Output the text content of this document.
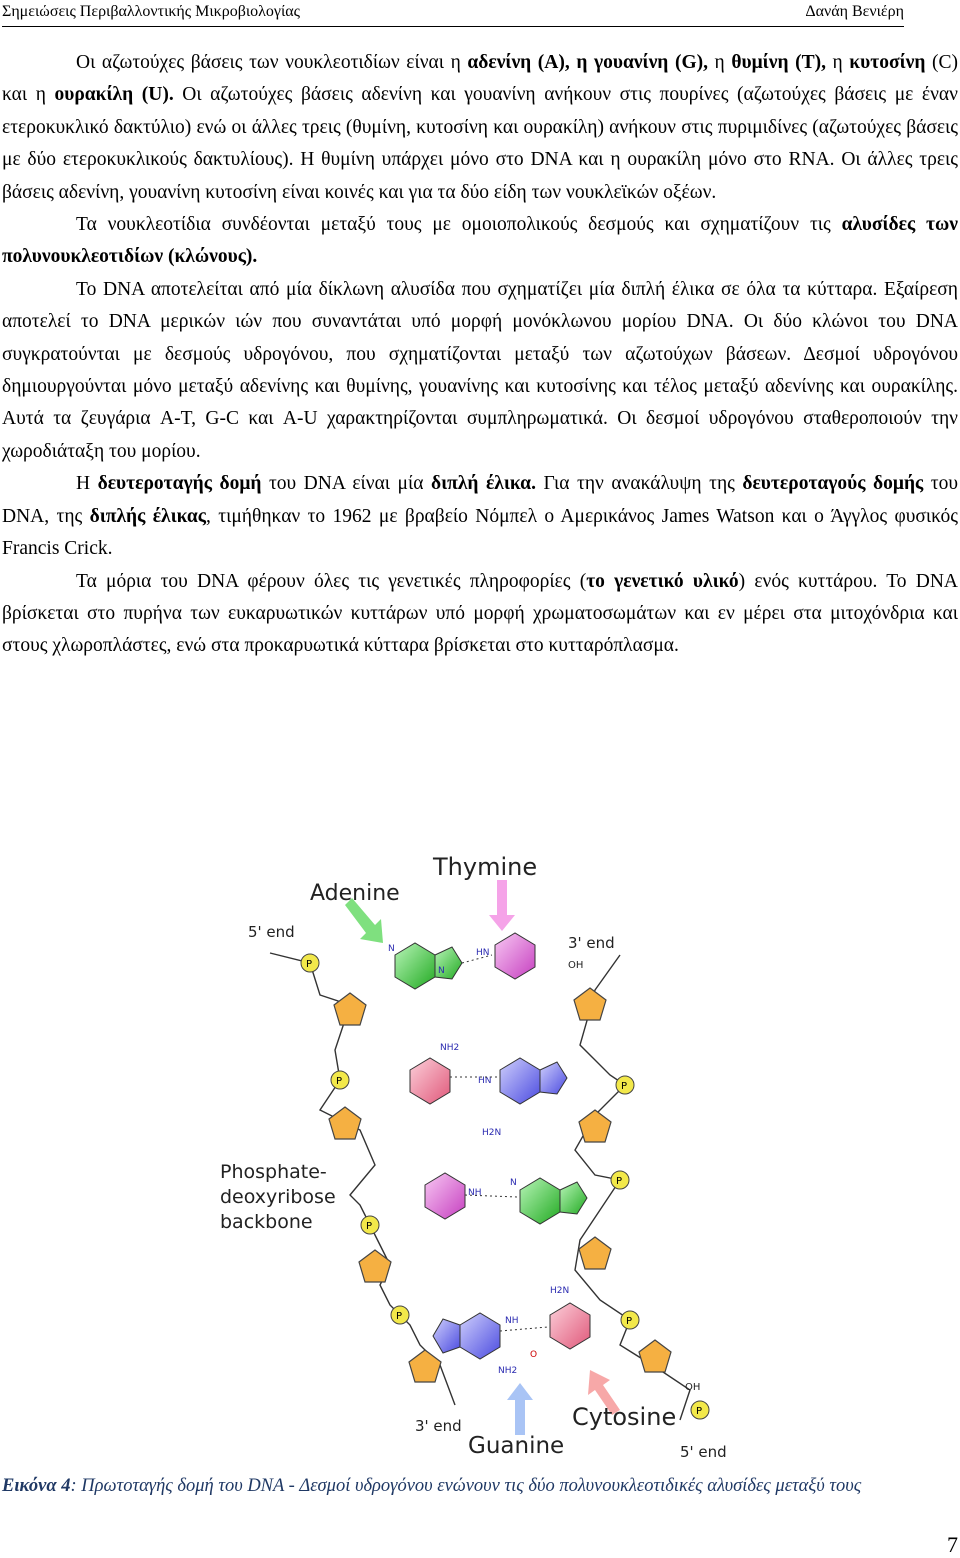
Σημειώσεις Περιβαλλοντικής Μικροβιολογίας	Δανάη Βενιέρη

Οι αζωτούχες βάσεις των νουκλεοτιδίων είναι η αδενίνη (A), η γουανίνη (G), η θυμίνη (T), η κυτοσίνη (C) και η ουρακίλη (U). Οι αζωτούχες βάσεις αδενίνη και γουανίνη ανήκουν στις πουρίνες (αζωτούχες βάσεις με έναν ετεροκυκλικό δακτύλιο) ενώ οι άλλες τρεις (θυμίνη, κυτοσίνη και ουρακίλη) ανήκουν στις πυριμιδίνες (αζωτούχες βάσεις με δύο ετεροκυκλικούς δακτυλίους). Η θυμίνη υπάρχει μόνο στο DNA και η ουρακίλη μόνο στο RNA. Οι άλλες τρεις βάσεις αδενίνη, γουανίνη κυτοσίνη είναι κοινές και για τα δύο είδη των νουκλεϊκών οξέων.

Τα νουκλεοτίδια συνδέονται μεταξύ τους με ομοιοπολικούς δεσμούς και σχηματίζουν τις αλυσίδες των πολυνουκλεοτιδίων (κλώνους).

Το DNA αποτελείται από μία δίκλωνη αλυσίδα που σχηματίζει μία διπλή έλικα σε όλα τα κύτταρα. Εξαίρεση αποτελεί το DNA μερικών ιών που συναντάται υπό μορφή μονόκλωνου μορίου DNA. Οι δύο κλώνοι του DNA συγκρατούνται με δεσμούς υδρογόνου, που σχηματίζονται μεταξύ των αζωτούχων βάσεων. Δεσμοί υδρογόνου δημιουργούνται μόνο μεταξύ αδενίνης και θυμίνης, γουανίνης και κυτοσίνης και τέλος μεταξύ αδενίνης και ουρακίλης. Αυτά τα ζευγάρια A-T, G-C και A-U χαρακτηρίζονται συμπληρωματικά. Οι δεσμοί υδρογόνου σταθεροποιούν την χωροδιάταξη του μορίου.

Η δευτεροταγής δομή του DNA είναι μία διπλή έλικα. Για την ανακάλυψη της δευτεροταγούς δομής του DNA, της διπλής έλικας, τιμήθηκαν το 1962 με βραβείο Νόμπελ ο Αμερικάνος James Watson και ο Άγγλος φυσικός Francis Crick.

Τα μόρια του DNA φέρουν όλες τις γενετικές πληροφορίες (το γενετικό υλικό) ενός κυττάρου. Το DNA βρίσκεται στο πυρήνα των ευκαρυωτικών κυττάρων υπό μορφή χρωματοσωμάτων και εν μέρει στα μιτοχόνδρια και στους χλωροπλάστες, ενώ στα προκαρυωτικά κύτταρα βρίσκεται στο κυτταρόπλασμα.

P
P
P
P
P
P
P
P
N
N
HN
NH2
HN
H2N
NH
N
NH
NH2
H2N
O
Thymine
Adenine
5' end
3' end
OH
Phosphate-
deoxyribose
backbone
Cytosine
Guanine
3' end
5' end
OH
Εικόνα 4: Πρωτοταγής δομή του DNA - Δεσμοί υδρογόνου ενώνουν τις δύο πολυνουκλεοτιδικές αλυσίδες μεταξύ τους
7
